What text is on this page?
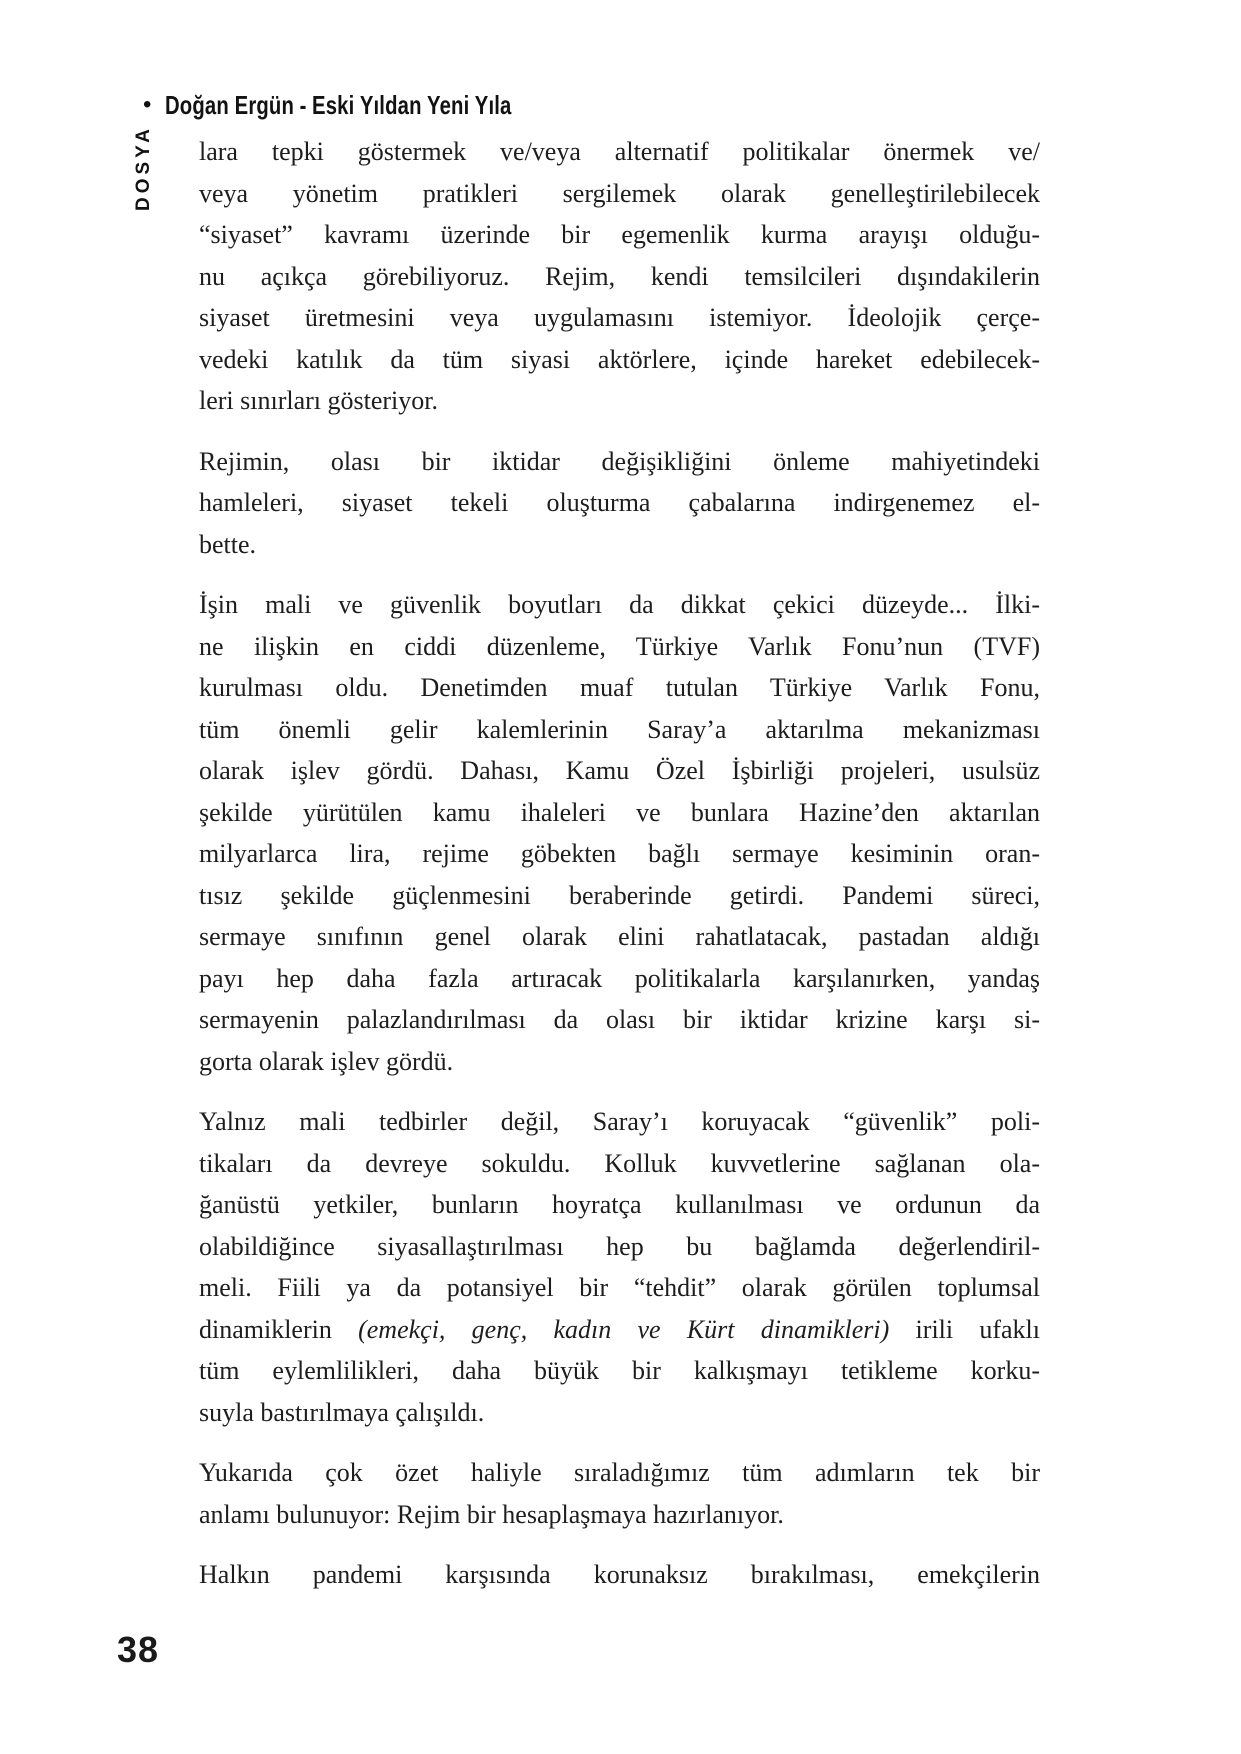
• Doğan Ergün - Eski Yıldan Yeni Yıla
DOSYA lara tepki göstermek ve/veya alternatif politikalar önermek ve/
veya yönetim pratikleri sergilemek olarak genelleştirilebilecek
“siyaset” kavramı üzerinde bir egemenlik kurma arayışı olduğu-
nu açıkça görebiliyoruz. Rejim, kendi temsilcileri dışındakilerin
siyaset üretmesini veya uygulamasını istemiyor. İdeolojik çerçe-
vedeki katılık da tüm siyasi aktörlere, içinde hareket edebilecek-
leri sınırları gösteriyor.

Rejimin, olası bir iktidar değişikliğini önleme mahiyetindeki
hamleleri, siyaset tekeli oluşturma çabalarına indirgenemez el-
bette.

İşin mali ve güvenlik boyutları da dikkat çekici düzeyde... İlki-
ne ilişkin en ciddi düzenleme, Türkiye Varlık Fonu’nun (TVF)
kurulması oldu. Denetimden muaf tutulan Türkiye Varlık Fonu,
tüm önemli gelir kalemlerinin Saray’a aktarılma mekanizması
olarak işlev gördü. Dahası, Kamu Özel İşbirliği projeleri, usulsüz
şekilde yürütülen kamu ihaleleri ve bunlara Hazine’den aktarılan
milyarlarca lira, rejime göbekten bağlı sermaye kesiminin oran-
tısız şekilde güçlenmesini beraberinde getirdi. Pandemi süreci,
sermaye sınıfının genel olarak elini rahatlatacak, pastadan aldığı
payı hep daha fazla artıracak politikalarla karşılanırken, yandaş
sermayenin palazlandırılması da olası bir iktidar krizine karşı si-
gorta olarak işlev gördü.

Yalnız mali tedbirler değil, Saray’ı koruyacak “güvenlik” poli-
tikaları da devreye sokuldu. Kolluk kuvvetlerine sağlanan ola-
ğanüstü yetkiler, bunların hoyratça kullanılması ve ordunun da
olabildiğince siyasallaştırılması hep bu bağlamda değerlendiril-
meli. Fiili ya da potansiyel bir “tehdit” olarak görülen toplumsal
dinamiklerin (emekçi, genç, kadın ve Kürt dinamikleri) irili ufaklı
tüm eylemlilikleri, daha büyük bir kalkışmayı tetikleme korku-
suyla bastırılmaya çalışıldı.

Yukarıda çok özet haliyle sıraladığımız tüm adımların tek bir
anlamı bulunuyor: Rejim bir hesaplaşmaya hazırlanıyor.

Halkın pandemi karşısında korunaksız bırakılması, emekçilerin

38
